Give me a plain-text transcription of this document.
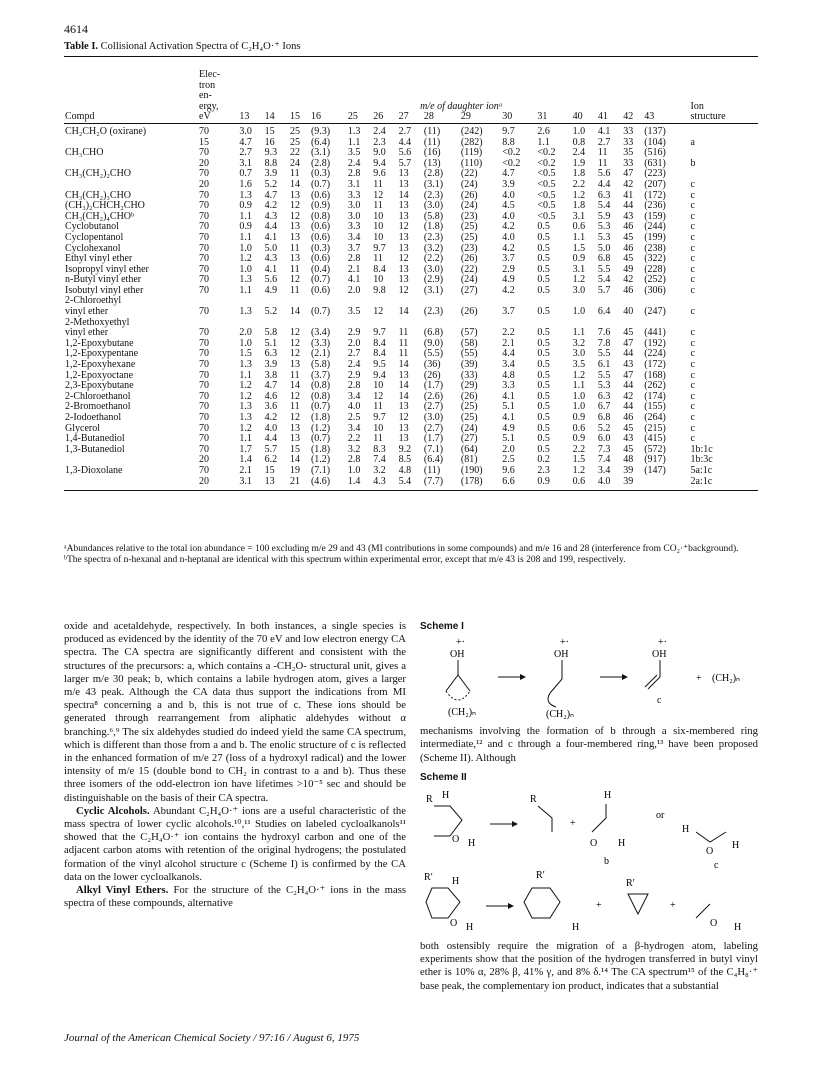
4614
Table I. Collisional Activation Spectra of C₂H₄O·⁺ Ions
	Elec-																
	tron																
	en-																
	ergy,	m/e of daughter ionᵃ															Ion
Compd	eV	13	14	15	16	25	26	27	28	29	30	31	40	41	42	43	structure

CH₂CH₂O (oxirane)	70	3.0	15	25	(9.3)	1.3	2.4	2.7	(11)	(242)	9.7	2.6	1.0	4.1	33	(137)	
	15	4.7	16	25	(6.4)	1.1	2.3	4.4	(11)	(282)	8.8	1.1	0.8	2.7	33	(104)	a
CH₃CHO	70	2.7	9.3	22	(3.1)	3.5	9.0	5.6	(16)	(119)	<0.2	<0.2	2.4	11	35	(516)	
	20	3.1	8.8	24	(2.8)	2.4	9.4	5.7	(13)	(110)	<0.2	<0.2	1.9	11	33	(631)	b
CH₃(CH₂)₂CHO	70	0.7	3.9	11	(0.3)	2.8	9.6	13	(2.8)	(22)	4.7	<0.5	1.8	5.6	47	(223)	
	20	1.6	5.2	14	(0.7)	3.1	11	13	(3.1)	(24)	3.9	<0.5	2.2	4.4	42	(207)	c
CH₃(CH₂)₃CHO	70	1.3	4.7	13	(0.6)	3.3	12	14	(2.3)	(26)	4.0	<0.5	1.2	6.3	41	(172)	c
(CH₃)₂CHCH₂CHO	70	0.9	4.2	12	(0.9)	3.0	11	13	(3.0)	(24)	4.5	<0.5	1.8	5.4	44	(236)	c
CH₃(CH₂)₄CHOᵇ	70	1.1	4.3	12	(0.8)	3.0	10	13	(5.8)	(23)	4.0	<0.5	3.1	5.9	43	(159)	c
Cyclobutanol	70	0.9	4.4	13	(0.6)	3.3	10	12	(1.8)	(25)	4.2	0.5	0.6	5.3	46	(244)	c
Cyclopentanol	70	1.1	4.1	13	(0.6)	3.4	10	13	(2.3)	(25)	4.0	0.5	1.1	5.3	45	(199)	c
Cyclohexanol	70	1.0	5.0	11	(0.3)	3.7	9.7	13	(3.2)	(23)	4.2	0.5	1.5	5.0	46	(238)	c
Ethyl vinyl ether	70	1.2	4.3	13	(0.6)	2.8	11	12	(2.2)	(26)	3.7	0.5	0.9	6.8	45	(322)	c
Isopropyl vinyl ether	70	1.0	4.1	11	(0.4)	2.1	8.4	13	(3.0)	(22)	2.9	0.5	3.1	5.5	49	(228)	c
n-Butyl vinyl ether	70	1.3	5.6	12	(0.7)	4.1	10	13	(2.9)	(24)	4.9	0.5	1.2	5.4	42	(252)	c
Isobutyl vinyl ether	70	1.1	4.9	11	(0.6)	2.0	9.8	12	(3.1)	(27)	4.2	0.5	3.0	5.7	46	(306)	c
2-Chloroethyl																	
vinyl ether	70	1.3	5.2	14	(0.7)	3.5	12	14	(2.3)	(26)	3.7	0.5	1.0	6.4	40	(247)	c
2-Methoxyethyl																	
vinyl ether	70	2.0	5.8	12	(3.4)	2.9	9.7	11	(6.8)	(57)	2.2	0.5	1.1	7.6	45	(441)	c
1,2-Epoxybutane	70	1.0	5.1	12	(3.3)	2.0	8.4	11	(9.0)	(58)	2.1	0.5	3.2	7.8	47	(192)	c
1,2-Epoxypentane	70	1.5	6.3	12	(2.1)	2.7	8.4	11	(5.5)	(55)	4.4	0.5	3.0	5.5	44	(224)	c
1,2-Epoxyhexane	70	1.3	3.9	13	(5.8)	2.4	9.5	14	(36)	(39)	3.4	0.5	3.5	6.1	43	(172)	c
1,2-Epoxyoctane	70	1.1	3.8	11	(3.7)	2.9	9.4	13	(26)	(33)	4.8	0.5	1.2	5.5	47	(168)	c
2,3-Epoxybutane	70	1.2	4.7	14	(0.8)	2.8	10	14	(1.7)	(29)	3.3	0.5	1.1	5.3	44	(262)	c
2-Chloroethanol	70	1.2	4.6	12	(0.8)	3.4	12	14	(2.6)	(26)	4.1	0.5	1.0	6.3	42	(174)	c
2-Bromoethanol	70	1.3	3.6	11	(0.7)	4.0	11	13	(2.7)	(25)	5.1	0.5	1.0	6.7	44	(155)	c
2-Iodoethanol	70	1.3	4.2	12	(1.8)	2.5	9.7	12	(3.0)	(25)	4.1	0.5	0.9	6.8	46	(264)	c
Glycerol	70	1.2	4.0	13	(1.2)	3.4	10	13	(2.7)	(24)	4.9	0.5	0.6	5.2	45	(215)	c
1,4-Butanediol	70	1.1	4.4	13	(0.7)	2.2	11	13	(1.7)	(27)	5.1	0.5	0.9	6.0	43	(415)	c
1,3-Butanediol	70	1.7	5.7	15	(1.8)	3.2	8.3	9.2	(7.1)	(64)	2.0	0.5	2.2	7.3	45	(572)	1b:1c
	20	1.4	6.2	14	(1.2)	2.8	7.4	8.5	(6.4)	(81)	2.5	0.2	1.5	7.4	48	(917)	1b:3c
1,3-Dioxolane	70	2.1	15	19	(7.1)	1.0	3.2	4.8	(11)	(190)	9.6	2.3	1.2	3.4	39	(147)	5a:1c
	20	3.1	13	21	(4.6)	1.4	4.3	5.4	(7.7)	(178)	6.6	0.9	0.6	4.0	39		2a:1c

ᵃAbundances relative to the total ion abundance = 100 excluding m/e 29 and 43 (MI contributions in some compounds) and m/e 16 and 28 (interference from CO₂·⁺background). ᵇThe spectra of n-hexanal and n-heptanal are identical with this spectrum within experimental error, except that m/e 43 is 208 and 199, respectively.

oxide and acetaldehyde, respectively. In both instances, a single species is produced as evidenced by the identity of the 70 eV and low electron energy CA spectra. The CA spectra are significantly different and consistent with the structures of the precursors: a, which contains a -CH₂O- structural unit, gives a larger m/e 30 peak; b, which contains a labile hydrogen atom, gives a larger m/e 43 peak. Although the CA data thus support the indications from MI spectra⁸ concerning a and b, this is not true of c. These ions should be generated through rearrangement from aliphatic aldehydes without α branching.⁶,⁹ The six aldehydes studied do indeed yield the same CA spectrum, which is different than those from a and b. The enolic structure of c is reflected in the enhanced formation of m/e 27 (loss of a hydroxyl radical) and the lower intensity of m/e 15 (double bond to CH₂ in contrast to a and b). Thus these three isomers of the odd-electron ion have lifetimes >10⁻⁵ sec and should be distinguishable on the basis of their CA spectra.

Cyclic Alcohols. Abundant C₂H₄O·⁺ ions are a useful characteristic of the mass spectra of lower cyclic alcohols.¹⁰,¹¹ Studies on labeled cycloalkanols¹¹ showed that the C₂H₄O·⁺ ion contains the hydroxyl carbon and one of the adjacent carbon atoms with retention of the original hydrogens; the postulated formation of the vinyl alcohol structure c (Scheme I) is confirmed by the CA data on the lower cycloalkanols.

Alkyl Vinyl Ethers. For the structure of the C₂H₄O·⁺ ions in the mass spectra of these compounds, alternative

Scheme I
+·
OH
(CH₂)ₙ
+·
OH
(CH₂)ₙ
+·
OH
c
+ (CH₂)ₙ

mechanisms involving the formation of b through a six-membered ring intermediate,¹² and c through a four-membered ring,¹³ have been proposed (Scheme II). Although

Scheme II
R H
O H
R
+
H
O H
or
H
O
H
b	c
R′ H
O H
R′
H
+
R′
+
O H

both ostensibly require the migration of a β-hydrogen atom, labeling experiments show that the position of the hydrogen transferred in butyl vinyl ether is 10% α, 28% β, 41% γ, and 8% δ.¹⁴ The CA spectrum¹⁵ of the C₄H₈·⁺ base peak, the complementary ion product, indicates that a substantial

Journal of the American Chemical Society / 97:16 / August 6, 1975
